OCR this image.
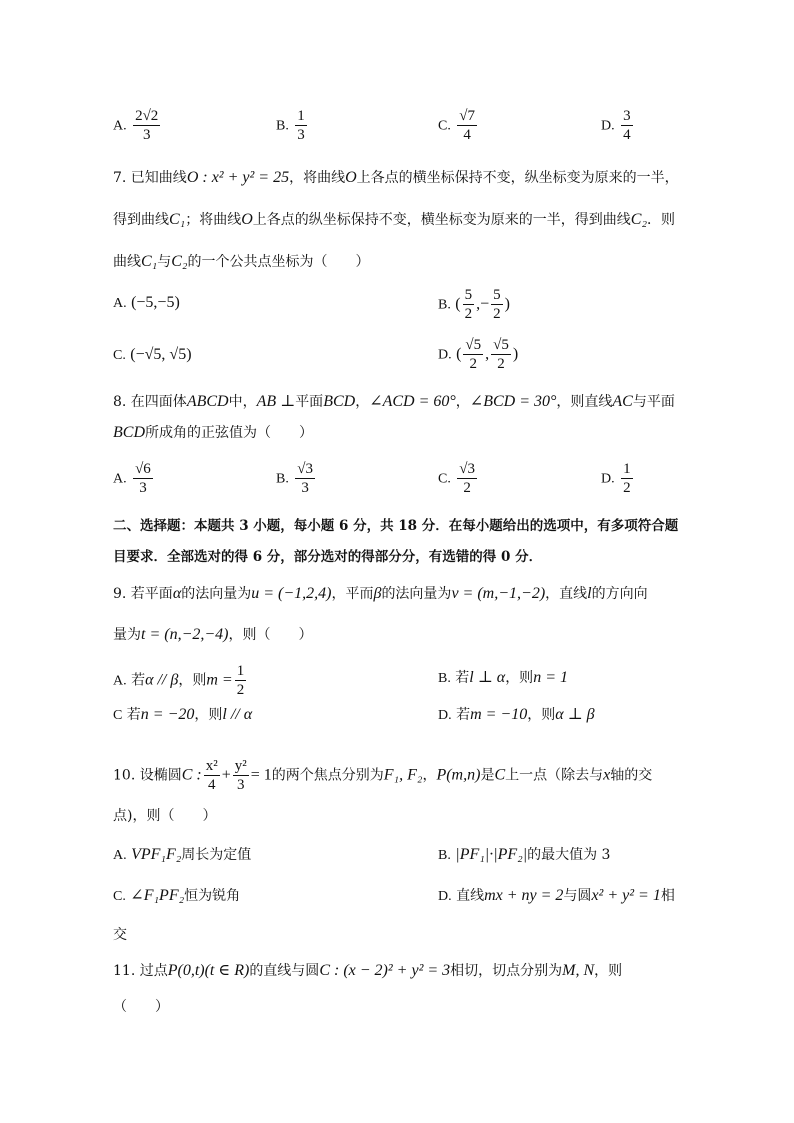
A. $\frac{2√2}{3}$	B. $\frac{1}{3}$	C. $\frac{√7}{4}$	D. $\frac{3}{4}$
7. 已知曲线O : x² + y² = 25，将曲线O上各点的横坐标保持不变，纵坐标变为原来的一半，
得到曲线C₁；将曲线O上各点的纵坐标保持不变，横坐标变为原来的一半，得到曲线C₂．则
曲线C₁与C₂的一个公共点坐标为（　　）
A. (−5,−5)	B. ( $\frac{5}{2}$ ,− $\frac{5}{2}$ )
C. (−√5, √5)	D. ( $\frac{√5}{2}$ , $\frac{√5}{2}$ )
8. 在四面体ABCD中，AB ⊥平面BCD，∠ACD = 60°，∠BCD = 30°，则直线AC与平面
BCD所成角的正弦值为（　　）
A. $\frac{√6}{3}$	B. $\frac{√3}{3}$	C. $\frac{√3}{2}$	D. $\frac{1}{2}$
二、选择题：本题共 3 小题，每小题 6 分，共 18 分．在每小题给出的选项中，有多项符合题
目要求．全部选对的得 6 分，部分选对的得部分分，有选错的得 0 分．
9. 若平面α的法向量为u = (−1,2,4)，平而β的法向量为v = (m,−1,−2)，直线l的方向向
量为t = (n,−2,−4)，则（　　）
A. 若α // β，则$m = \frac{1}{2}$	B. 若l ⊥ α，则n = 1
C 若n = −20，则l // α	D. 若m = −10，则α ⊥ β
10. 设椭圆C : $\frac{\text{x²}}{4} + \frac{\text{y²}}{3} = 1$的两个焦点分别为F₁, F₂，P(m,n)是C上一点（除去与x轴的交
点)，则（　　）
A. VPF₁F₂周长为定值	B. |PF₁|·|PF₂|的最大值为 3
C. ∠F₁PF₂恒为锐角	D. 直线mx + ny = 2与圆x² + y² = 1相
交
11. 过点P(0,t)(t ∈ R)的直线与圆C : (x − 2)² + y² = 3相切，切点分别为M, N，则
（　　）
